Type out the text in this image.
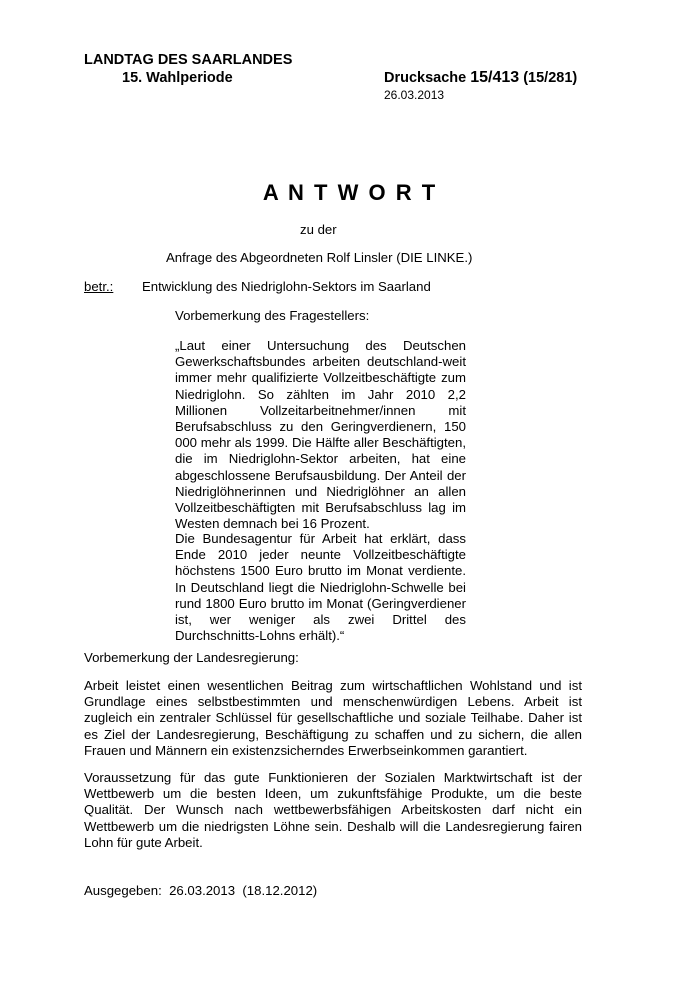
LANDTAG DES SAARLANDES
15. Wahlperiode	Drucksache 15/413 (15/281)
26.03.2013
A N T W O R T
zu der
Anfrage des Abgeordneten Rolf Linsler (DIE LINKE.)
betr.: Entwicklung des Niedriglohn-Sektors im Saarland
Vorbemerkung des Fragestellers:
„Laut einer Untersuchung des Deutschen Gewerkschaftsbundes arbeiten deutschland-weit immer mehr qualifizierte Vollzeitbeschäftigte zum Niedriglohn. So zählten im Jahr 2010 2,2 Millionen Vollzeitarbeitnehmer/innen mit Berufsabschluss zu den Geringverdienern, 150 000 mehr als 1999. Die Hälfte aller Beschäftigten, die im Niedriglohn-Sektor arbeiten, hat eine abgeschlossene Berufsausbildung. Der Anteil der Niedriglöhnerinnen und Niedriglöhner an allen Vollzeitbeschäftigten mit Berufsabschluss lag im Westen demnach bei 16 Prozent.
Die Bundesagentur für Arbeit hat erklärt, dass Ende 2010 jeder neunte Vollzeitbeschäftigte höchstens 1500 Euro brutto im Monat verdiente. In Deutschland liegt die Niedriglohn-Schwelle bei rund 1800 Euro brutto im Monat (Geringverdiener ist, wer weniger als zwei Drittel des Durchschnitts-Lohns erhält).“
Vorbemerkung der Landesregierung:
Arbeit leistet einen wesentlichen Beitrag zum wirtschaftlichen Wohlstand und ist Grundlage eines selbstbestimmten und menschenwürdigen Lebens. Arbeit ist zugleich ein zentraler Schlüssel für gesellschaftliche und soziale Teilhabe. Daher ist es Ziel der Landesregierung, Beschäftigung zu schaffen und zu sichern, die allen Frauen und Männern ein existenzsicherndes Erwerbseinkommen garantiert.
Voraussetzung für das gute Funktionieren der Sozialen Marktwirtschaft ist der Wettbewerb um die besten Ideen, um zukunftsfähige Produkte, um die beste Qualität. Der Wunsch nach wettbewerbsfähigen Arbeitskosten darf nicht ein Wettbewerb um die niedrigsten Löhne sein. Deshalb will die Landesregierung fairen Lohn für gute Arbeit.
Ausgegeben: 26.03.2013 (18.12.2012)
